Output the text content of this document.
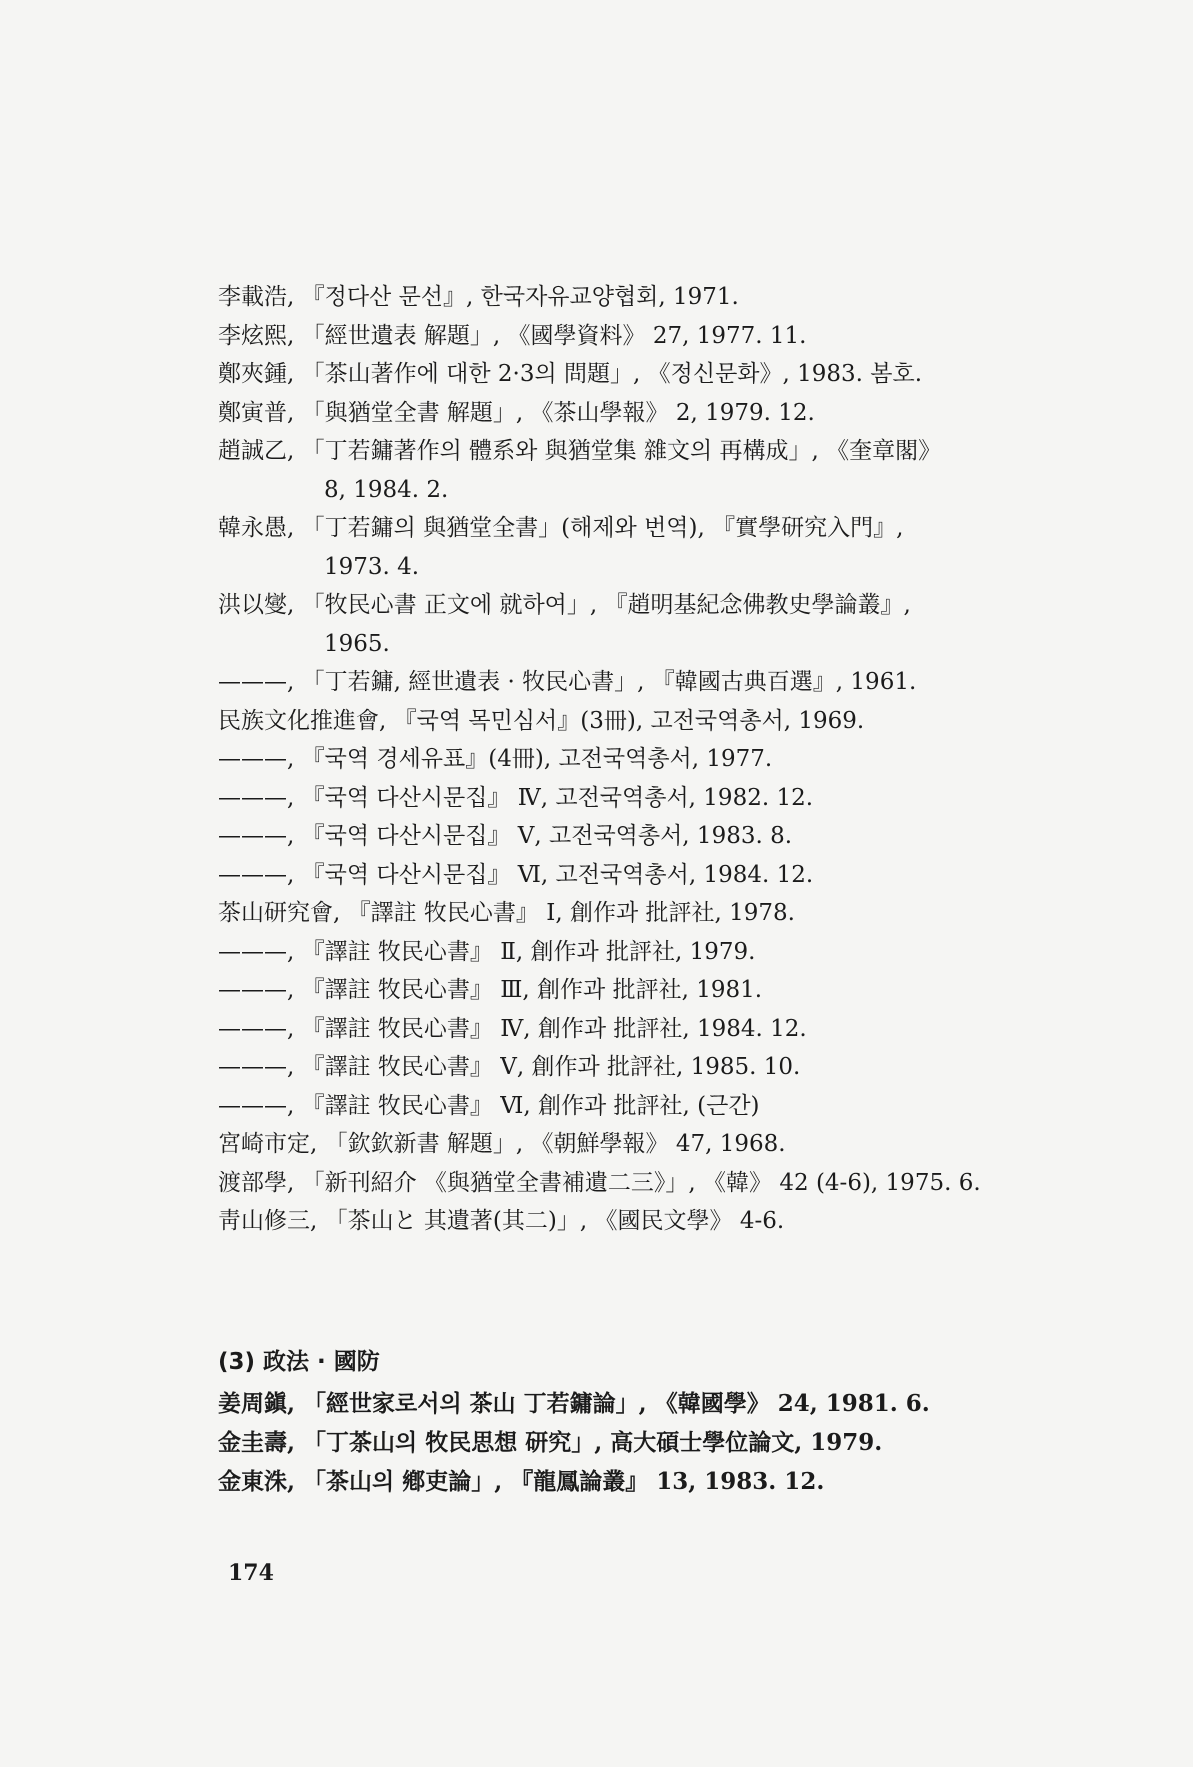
李載浩, 『정다산 문선』, 한국자유교양협회, 1971.
李炫熙, 「經世遺表 解題」, 《國學資料》 27, 1977. 11.
鄭夾鍾, 「茶山著作에 대한 2·3의 問題」, 《정신문화》, 1983. 봄호.
鄭寅普, 「與猶堂全書 解題」, 《茶山學報》 2, 1979. 12.
趙誠乙, 「丁若鏞著作의 體系와 與猶堂集 雜文의 再構成」, 《奎章閣》
8, 1984. 2.
韓永愚, 「丁若鏞의 與猶堂全書」(해제와 번역), 『實學研究入門』,
1973. 4.
洪以燮, 「牧民心書 正文에 就하여」, 『趙明基紀念佛教史學論叢』,
1965.
———, 「丁若鏞, 經世遺表 · 牧民心書」, 『韓國古典百選』, 1961.
民族文化推進會, 『국역 목민심서』(3冊), 고전국역총서, 1969.
———, 『국역 경세유표』(4冊), 고전국역총서, 1977.
———, 『국역 다산시문집』 Ⅳ, 고전국역총서, 1982. 12.
———, 『국역 다산시문집』 Ⅴ, 고전국역총서, 1983. 8.
———, 『국역 다산시문집』 Ⅵ, 고전국역총서, 1984. 12.
茶山研究會, 『譯註 牧民心書』 Ⅰ, 創作과 批評社, 1978.
———, 『譯註 牧民心書』 Ⅱ, 創作과 批評社, 1979.
———, 『譯註 牧民心書』 Ⅲ, 創作과 批評社, 1981.
———, 『譯註 牧民心書』 Ⅳ, 創作과 批評社, 1984. 12.
———, 『譯註 牧民心書』 Ⅴ, 創作과 批評社, 1985. 10.
———, 『譯註 牧民心書』 Ⅵ, 創作과 批評社, (근간)
宮崎市定, 「欽欽新書 解題」, 《朝鮮學報》 47, 1968.
渡部學, 「新刊紹介 《與猶堂全書補遺二三》」, 《韓》 42 (4-6), 1975. 6.
靑山修三, 「茶山と 其遺著(其二)」, 《國民文學》 4-6.
(3) 政法 · 國防
姜周鎭, 「經世家로서의 茶山 丁若鏞論」, 《韓國學》 24, 1981. 6.
金圭壽, 「丁茶山의 牧民思想 研究」, 高大碩士學位論文, 1979.
金東洙, 「茶山의 鄕吏論」, 『龍鳳論叢』 13, 1983. 12.
174
